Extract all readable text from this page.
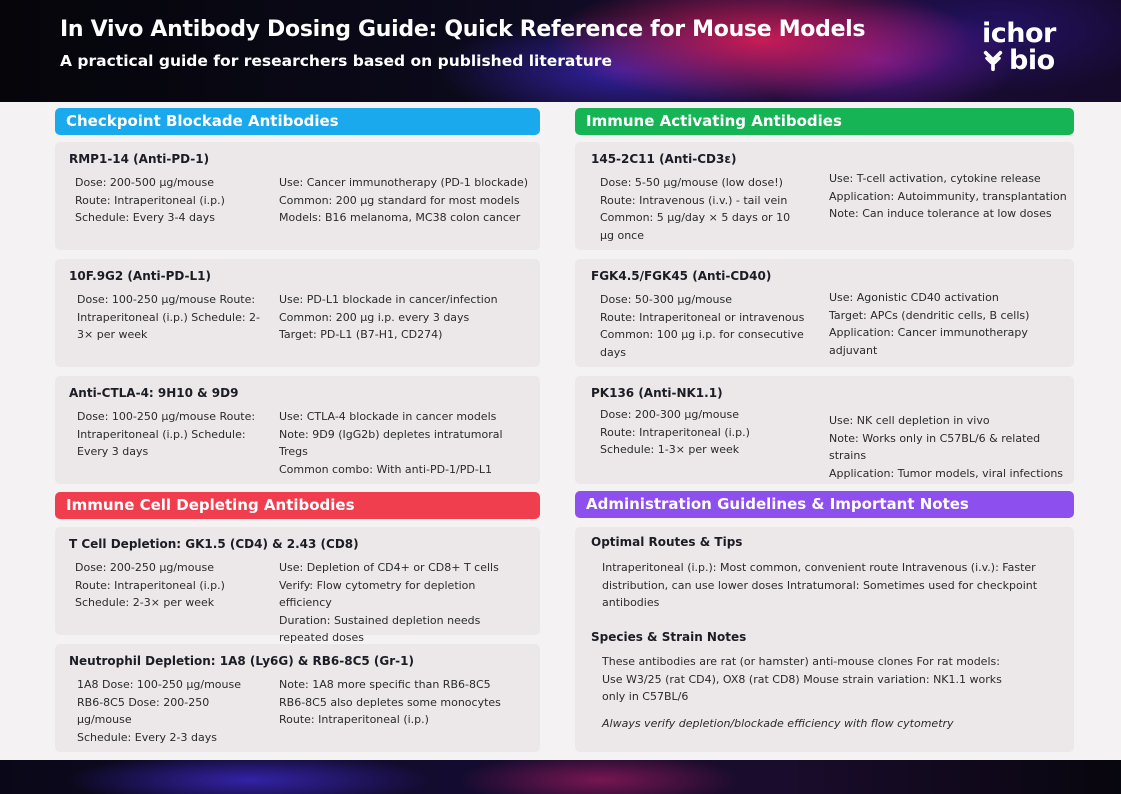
In Vivo Antibody Dosing Guide: Quick Reference for Mouse Models
A practical guide for researchers based on published literature
ichor
bio
Checkpoint Blockade Antibodies
RMP1-14 (Anti-PD-1)

Dose: 200-500 μg/mouse

Route: Intraperitoneal (i.p.)

Schedule: Every 3-4 days

Use: Cancer immunotherapy (PD-1 blockade)

Common: 200 μg standard for most models

Models: B16 melanoma, MC38 colon cancer

10F.9G2 (Anti-PD-L1)

Dose: 100-250 μg/mouse Route: Intraperitoneal (i.p.) Schedule: 2-3× per week

Use: PD-L1 blockade in cancer/infection

Common: 200 μg i.p. every 3 days

Target: PD-L1 (B7-H1, CD274)

Anti-CTLA-4: 9H10 & 9D9

Dose: 100-250 μg/mouse Route: Intraperitoneal (i.p.) Schedule: Every 3 days

Use: CTLA-4 blockade in cancer models

Note: 9D9 (IgG2b) depletes intratumoral Tregs

Common combo: With anti-PD-1/PD-L1

Immune Cell Depleting Antibodies
T Cell Depletion: GK1.5 (CD4) & 2.43 (CD8)

Dose: 200-250 μg/mouse

Route: Intraperitoneal (i.p.)

Schedule: 2-3× per week

Use: Depletion of CD4+ or CD8+ T cells

Verify: Flow cytometry for depletion efficiency

Duration: Sustained depletion needs repeated doses

Neutrophil Depletion: 1A8 (Ly6G) & RB6-8C5 (Gr-1)

1A8 Dose: 100-250 μg/mouse

RB6-8C5 Dose: 200-250 μg/mouse

Schedule: Every 2-3 days

Note: 1A8 more specific than RB6-8C5

RB6-8C5 also depletes some monocytes

Route: Intraperitoneal (i.p.)

Immune Activating Antibodies
145-2C11 (Anti-CD3ε)

Dose: 5-50 μg/mouse (low dose!)

Route: Intravenous (i.v.) - tail vein

Common: 5 μg/day × 5 days or 10 μg once

Use: T-cell activation, cytokine release

Application: Autoimmunity, transplantation

Note: Can induce tolerance at low doses

FGK4.5/FGK45 (Anti-CD40)

Dose: 50-300 μg/mouse

Route: Intraperitoneal or intravenous

Common: 100 μg i.p. for consecutive days

Use: Agonistic CD40 activation

Target: APCs (dendritic cells, B cells)

Application: Cancer immunotherapy adjuvant

PK136 (Anti-NK1.1)

Dose: 200-300 μg/mouse

Route: Intraperitoneal (i.p.)

Schedule: 1-3× per week

Use: NK cell depletion in vivo

Note: Works only in C57BL/6 & related strains

Application: Tumor models, viral infections

Administration Guidelines & Important Notes
Optimal Routes & Tips
Intraperitoneal (i.p.): Most common, convenient route Intravenous (i.v.): Faster distribution, can use lower doses Intratumoral: Sometimes used for checkpoint antibodies
Species & Strain Notes
These antibodies are rat (or hamster) anti-mouse clones For rat models: Use W3/25 (rat CD4), OX8 (rat CD8) Mouse strain variation: NK1.1 works only in C57BL/6
Always verify depletion/blockade efficiency with flow cytometry
